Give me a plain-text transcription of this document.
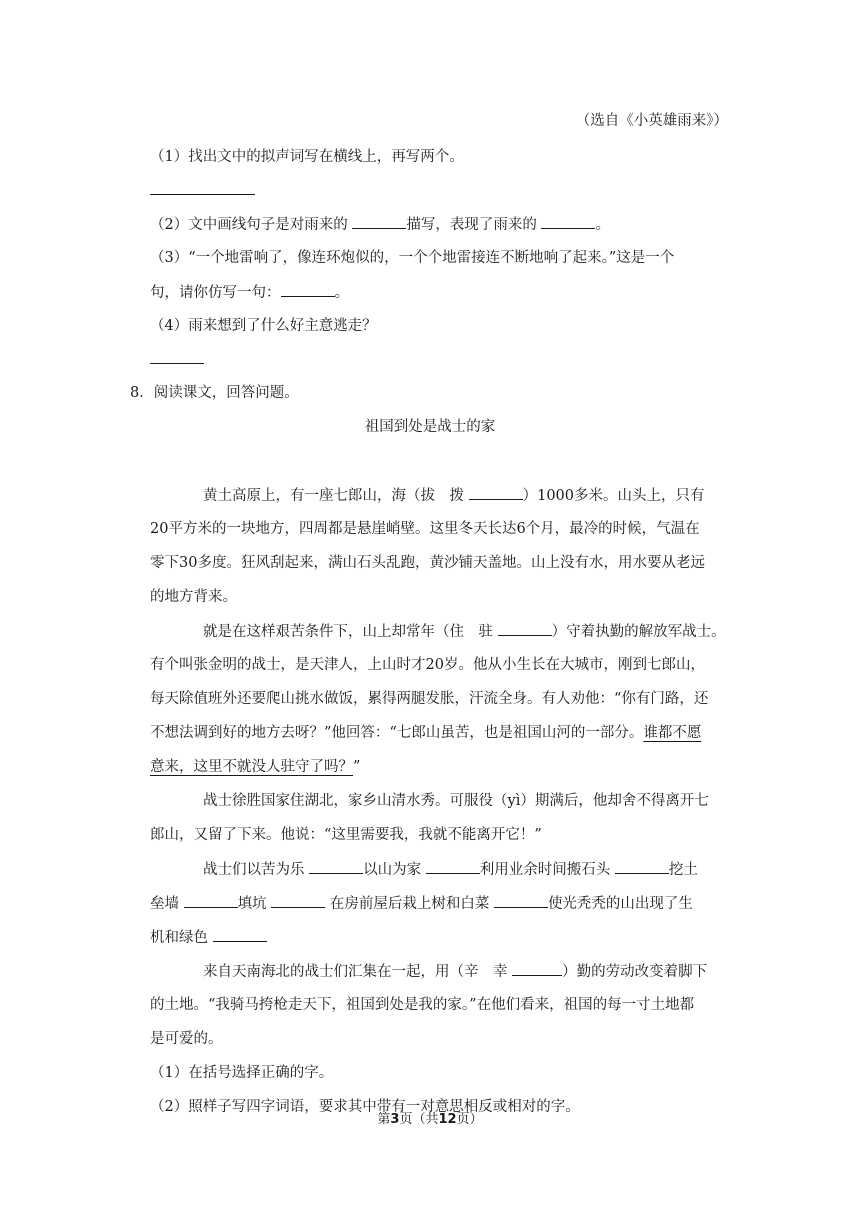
（选自《小英雄雨来》）
（1）找出文中的拟声词写在横线上，再写两个。
（2）文中画线句子是对雨来的	描写，表现了雨来的	。
（3）“一个地雷响了，像连环炮似的，一个个地雷接连不断地响了起来。”这是一个
句，请你仿写一句：	。
（4）雨来想到了什么好主意逃走？
8．阅读课文，回答问题。
祖国到处是战士的家
黄土高原上，有一座七郎山，海（拔　拨	）1000多米。山头上，只有
20平方米的一块地方，四周都是悬崖峭壁。这里冬天长达6个月，最冷的时候，气温在
零下30多度。狂风刮起来，满山石头乱跑，黄沙铺天盖地。山上没有水，用水要从老远
的地方背来。
就是在这样艰苦条件下，山上却常年（住　驻	）守着执勤的解放军战士。
有个叫张金明的战士，是天津人，上山时才20岁。他从小生长在大城市，刚到七郎山，
每天除值班外还要爬山挑水做饭，累得两腿发胀，汗流全身。有人劝他：“你有门路，还
不想法调到好的地方去呀？”他回答：“七郎山虽苦，也是祖国山河的一部分。谁都不愿
意来，这里不就没人驻守了吗？”
战士徐胜国家住湖北，家乡山清水秀。可服役（yì）期满后，他却舍不得离开七
郎山，又留了下来。他说：“这里需要我，我就不能离开它！”
战士们以苦为乐	以山为家	利用业余时间搬石头	挖土
垒墙	填坑	在房前屋后栽上树和白菜	使光秃秃的山出现了生
机和绿色
来自天南海北的战士们汇集在一起，用（辛　幸	）勤的劳动改变着脚下
的土地。“我骑马挎枪走天下，祖国到处是我的家。”在他们看来，祖国的每一寸土地都
是可爱的。
（1）在括号选择正确的字。
（2）照样子写四字词语，要求其中带有一对意思相反或相对的字。
第3页（共12页）
